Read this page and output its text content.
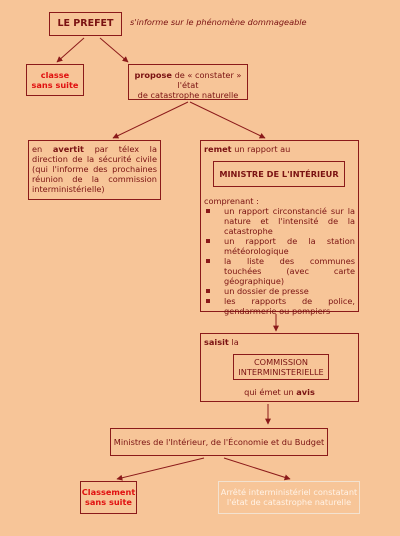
LE PREFET	s'informe sur le phénomène dommageable
classe
sans suite
propose de « constater » l'état
de catastrophe naturelle
en avertit par télex la direction de la sécurité civile (qui l'informe des prochaines réunion de la commission interministérielle)
remet un rapport au
MINISTRE DE L'INTÉRIEUR
comprenant :
un rapport circonstancié sur la nature et l'intensité de la catastrophe
un rapport de la station météorologique
la liste des communes touchées (avec carte géographique)
un dossier de presse
les rapports de police, gendarmerie ou pompiers
saisit la
COMMISSION
INTERMINISTERIELLE
qui émet un avis
Ministres de l'Intérieur, de l'Économie et du Budget
Classement
sans suite
Arrêté interministériel constatant
l'état de catastrophe naturelle
